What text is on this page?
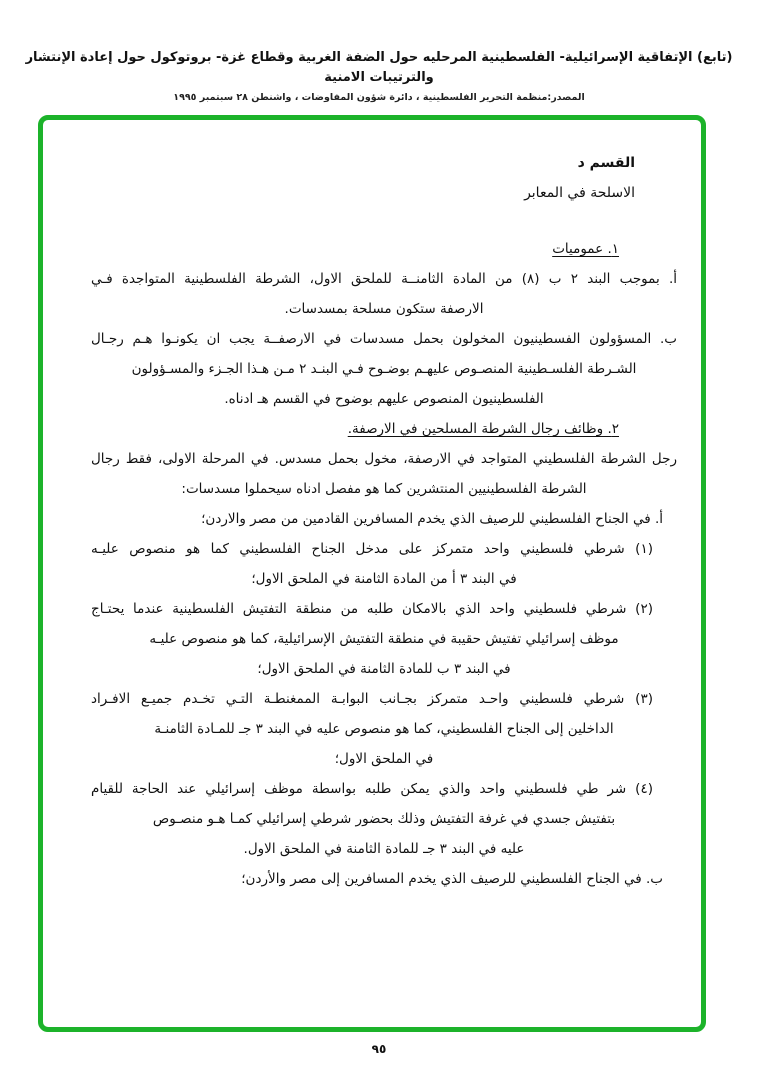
(تابع) الإتفاقية الإسرائيلية- الفلسطينية المرحليه حول الضفة الغربية وقطاع غزة- بروتوكول حول إعادة الإنتشار والترتيبات الامنية
المصدر:منظمة التحرير الفلسطينية ، دائرة شؤون المفاوضات ، واشنطن ٢٨ سبتمبر ١٩٩٥
القسم د
الاسلحة في المعابر
١. عموميات
أ. بموجب البند ٢ ب (٨) من المادة الثامنــة للملحق الاول، الشرطة الفلسطينية المتواجدة فـي
الارصفة ستكون مسلحة بمسدسات.
ب. المسؤولون الفسطينيون المخولون بحمل مسدسات في الارصفــة يجب ان يكونـوا هـم رجـال
الشـرطة الفلسـطينية المنصـوص عليهـم بوضـوح فـي البنـد ٢ مـن هـذا الجـزء والمسـؤولون
الفلسطينيون المنصوص عليهم بوضوح في القسم هـ ادناه.
٢. وظائف رجال الشرطة المسلحين في الارصفة.
رجل الشرطة الفلسطيني المتواجد في الارصفة، مخول بحمل مسدس. في المرحلة الاولى، فقط رجال
الشرطة الفلسطينيين المنتشرين كما هو مفصل ادناه سيحملوا مسدسات:
أ. في الجناح الفلسطيني للرصيف الذي يخدم المسافرين القادمين من مصر والاردن؛
(١) شرطي فلسطيني واحد متمركز على مدخل الجناح الفلسطيني كما هو منصوص عليـه
في البند ٣ أ من المادة الثامنة في الملحق الاول؛
(٢) شرطي فلسطيني واحد الذي بالامكان طلبه من منطقة التفتيش الفلسطينية عندما يحتـاج
موظف إسرائيلي تفتيش حقيبة في منطقة التفتيش الإسرائيلية، كما هو منصوص عليـه
في البند ٣ ب للمادة الثامنة في الملحق الاول؛
(٣) شرطي فلسطيني واحـد متمركز بجـانب البوابـة الممغنطـة التـي تخـدم جميـع الافـراد
الداخلين إلى الجناح الفلسطيني، كما هو منصوص عليه في البند ٣ جـ للمـادة الثامنـة
في الملحق الاول؛
(٤) شر طي فلسطيني واحد والذي يمكن طلبه بواسطة موظف إسرائيلي عند الحاجة للقيام
بتفتيش جسدي في غرفة التفتيش وذلك بحضور شرطي إسرائيلي كمـا هـو منصـوص
عليه في البند ٣ جـ للمادة الثامنة في الملحق الاول.
ب. في الجناح الفلسطيني للرصيف الذي يخدم المسافرين إلى مصر والأردن؛
٩٥
